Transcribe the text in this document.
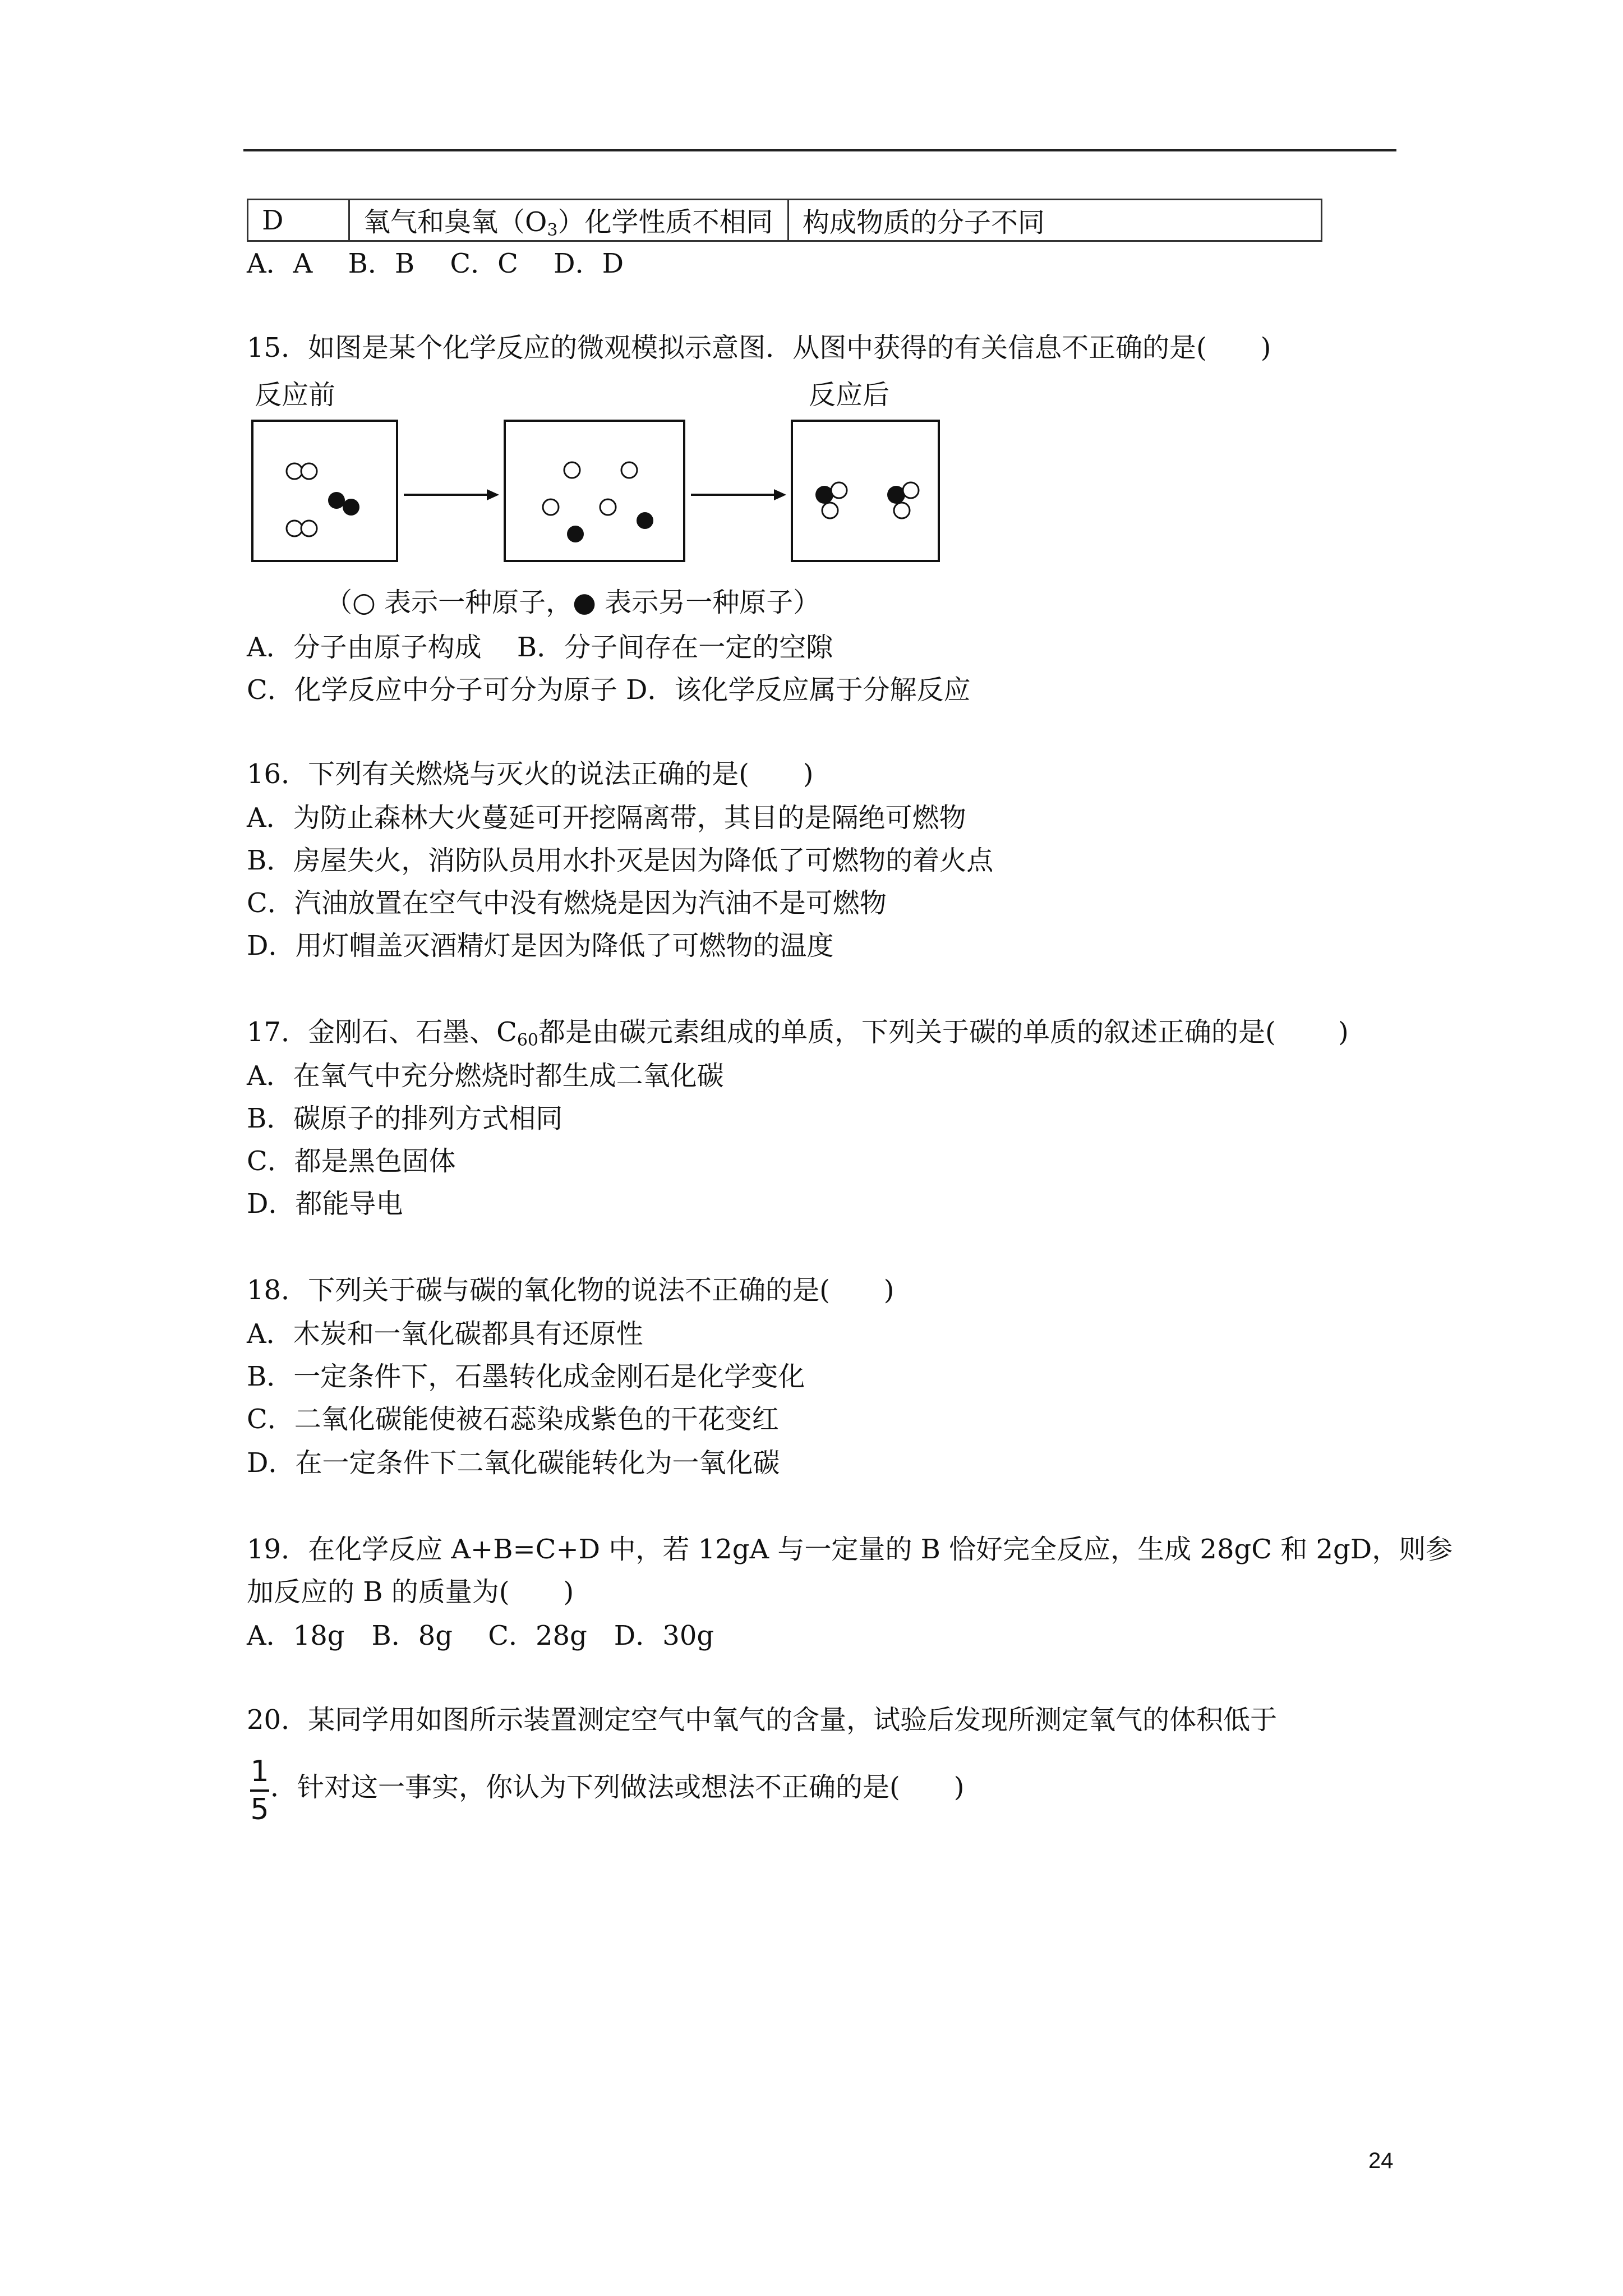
D	氧气和臭氧$(O_3)$化学性质不相同	构成物质的分子不同
A．A　 B．B　 C．C　 D．D
15．如图是某个化学反应的微观模拟示意图．从图中获得的有关信息不正确的是(　　)
反应前	反应后
（○ 表示一种原子，● 表示另一种原子）
A．分子由原子构成　 B．分子间存在一定的空隙
C．化学反应中分子可分为原子 D．该化学反应属于分解反应
16．下列有关燃烧与灭火的说法正确的是(　　)
A．为防止森林大火蔓延可开挖隔离带，其目的是隔绝可燃物
B．房屋失火，消防队员用水扑灭是因为降低了可燃物的着火点
C．汽油放置在空气中没有燃烧是因为汽油不是可燃物
D．用灯帽盖灭酒精灯是因为降低了可燃物的温度
17．金刚石、石墨、$C_{60}$都是由碳元素组成的单质，下列关于碳的单质的叙述正确的是(　　 )
A．在氧气中充分燃烧时都生成二氧化碳
B．碳原子的排列方式相同
C．都是黑色固体
D．都能导电
18．下列关于碳与碳的氧化物的说法不正确的是(　　)
A．木炭和一氧化碳都具有还原性
B．一定条件下，石墨转化成金刚石是化学变化
C．二氧化碳能使被石蕊染成紫色的干花变红
D．在一定条件下二氧化碳能转化为一氧化碳
19．在化学反应 A+B=C+D 中，若 12gA 与一定量的 B 恰好完全反应，生成 28gC 和 2gD，则参
加反应的 B 的质量为(　　)
A．18g　B．8g　 C．28g　D．30g
20．某同学用如图所示装置测定空气中氧气的含量，试验后发现所测定氧气的体积低于
1
5
．针对这一事实，你认为下列做法或想法不正确的是(　　)
24
